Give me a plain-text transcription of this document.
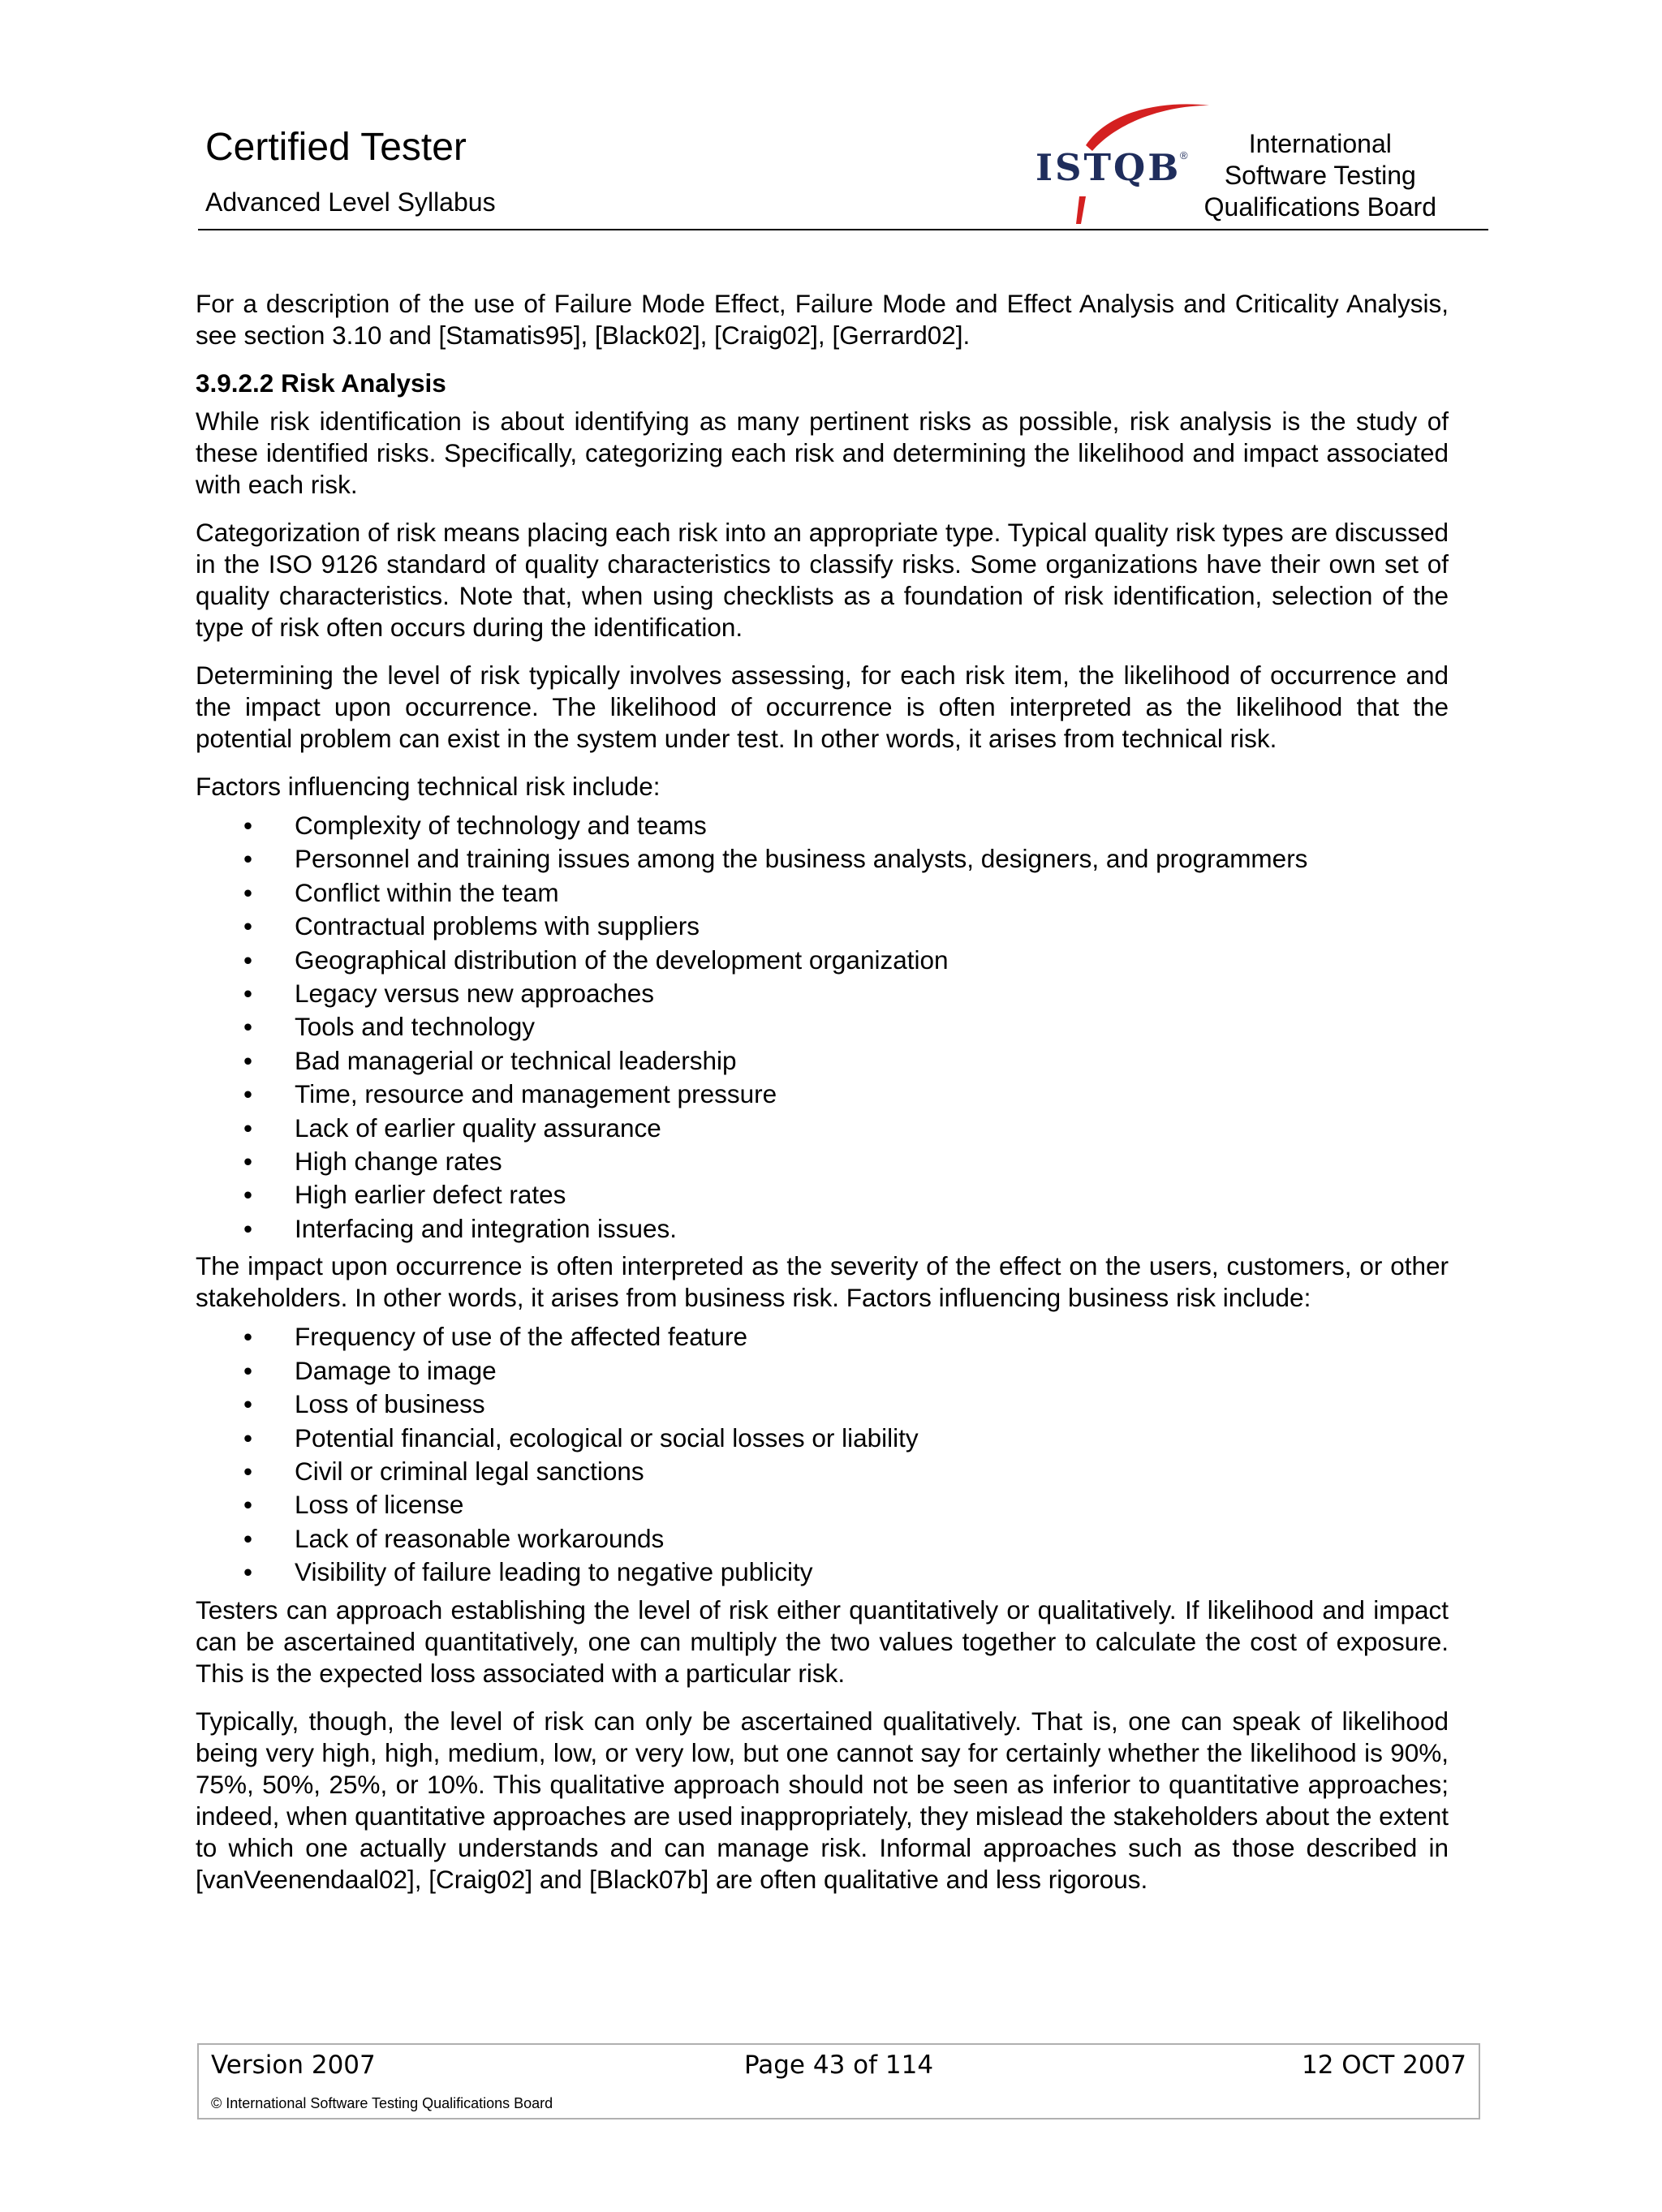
Certified Tester
Advanced Level Syllabus
ISTQB
®	International
Software Testing
Qualifications Board

For a description of the use of Failure Mode Effect, Failure Mode and Effect Analysis and Criticality Analysis, see section 3.10 and [Stamatis95], [Black02], [Craig02], [Gerrard02].

3.9.2.2 Risk Analysis

While risk identification is about identifying as many pertinent risks as possible, risk analysis is the study of these identified risks. Specifically, categorizing each risk and determining the likelihood and impact associated with each risk.

Categorization of risk means placing each risk into an appropriate type. Typical quality risk types are discussed in the ISO 9126 standard of quality characteristics to classify risks. Some organizations have their own set of quality characteristics. Note that, when using checklists as a foundation of risk identification, selection of the type of risk often occurs during the identification.

Determining the level of risk typically involves assessing, for each risk item, the likelihood of occurrence and the impact upon occurrence. The likelihood of occurrence is often interpreted as the likelihood that the potential problem can exist in the system under test. In other words, it arises from technical risk.

Factors influencing technical risk include:

• Complexity of technology and teams
• Personnel and training issues among the business analysts, designers, and programmers
• Conflict within the team
• Contractual problems with suppliers
• Geographical distribution of the development organization
• Legacy versus new approaches
• Tools and technology
• Bad managerial or technical leadership
• Time, resource and management pressure
• Lack of earlier quality assurance
• High change rates
• High earlier defect rates
• Interfacing and integration issues.

The impact upon occurrence is often interpreted as the severity of the effect on the users, customers, or other stakeholders. In other words, it arises from business risk. Factors influencing business risk include:

• Frequency of use of the affected feature
• Damage to image
• Loss of business
• Potential financial, ecological or social losses or liability
• Civil or criminal legal sanctions
• Loss of license
• Lack of reasonable workarounds
• Visibility of failure leading to negative publicity

Testers can approach establishing the level of risk either quantitatively or qualitatively. If likelihood and impact can be ascertained quantitatively, one can multiply the two values together to calculate the cost of exposure. This is the expected loss associated with a particular risk.

Typically, though, the level of risk can only be ascertained qualitatively. That is, one can speak of likelihood being very high, high, medium, low, or very low, but one cannot say for certainly whether the likelihood is 90%, 75%, 50%, 25%, or 10%. This qualitative approach should not be seen as inferior to quantitative approaches; indeed, when quantitative approaches are used inappropriately, they mislead the stakeholders about the extent to which one actually understands and can manage risk. Informal approaches such as those described in [vanVeenendaal02], [Craig02] and [Black07b] are often qualitative and less rigorous.

Version 2007	Page 43 of 114	12 OCT 2007
© International Software Testing Qualifications Board
